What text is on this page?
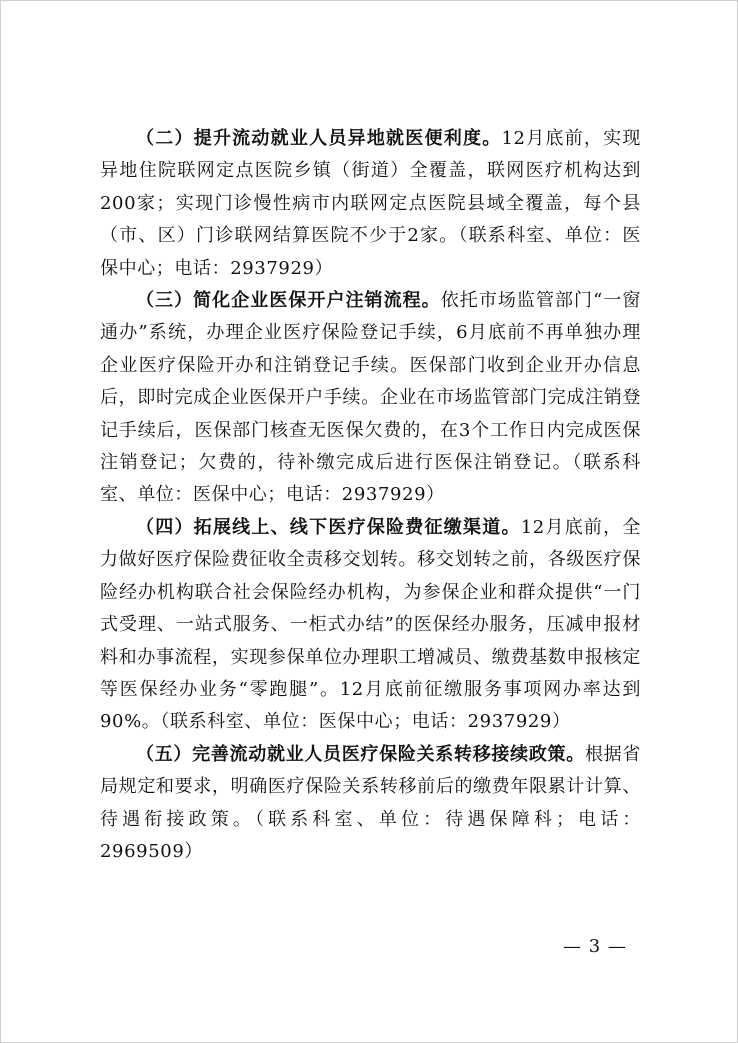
（二）提升流动就业人员异地就医便利度。12月底前，实现异地住院联网定点医院乡镇（街道）全覆盖，联网医疗机构达到200家；实现门诊慢性病市内联网定点医院县域全覆盖，每个县（市、区）门诊联网结算医院不少于2家。（联系科室、单位：医保中心；电话：2937929）

（三）简化企业医保开户注销流程。依托市场监管部门“一窗通办”系统，办理企业医疗保险登记手续，6月底前不再单独办理企业医疗保险开办和注销登记手续。医保部门收到企业开办信息后，即时完成企业医保开户手续。企业在市场监管部门完成注销登记手续后，医保部门核查无医保欠费的，在3个工作日内完成医保注销登记；欠费的，待补缴完成后进行医保注销登记。（联系科室、单位：医保中心；电话：2937929）

（四）拓展线上、线下医疗保险费征缴渠道。12月底前，全力做好医疗保险费征收全责移交划转。移交划转之前，各级医疗保险经办机构联合社会保险经办机构，为参保企业和群众提供“一门式受理、一站式服务、一柜式办结”的医保经办服务，压减申报材料和办事流程，实现参保单位办理职工增减员、缴费基数申报核定等医保经办业务“零跑腿”。12月底前征缴服务事项网办率达到90%。（联系科室、单位：医保中心；电话：2937929）

（五）完善流动就业人员医疗保险关系转移接续政策。根据省局规定和要求，明确医疗保险关系转移前后的缴费年限累计计算、待遇衔接政策。（联系科室、单位：待遇保障科；电话：2969509）

— 3 —
